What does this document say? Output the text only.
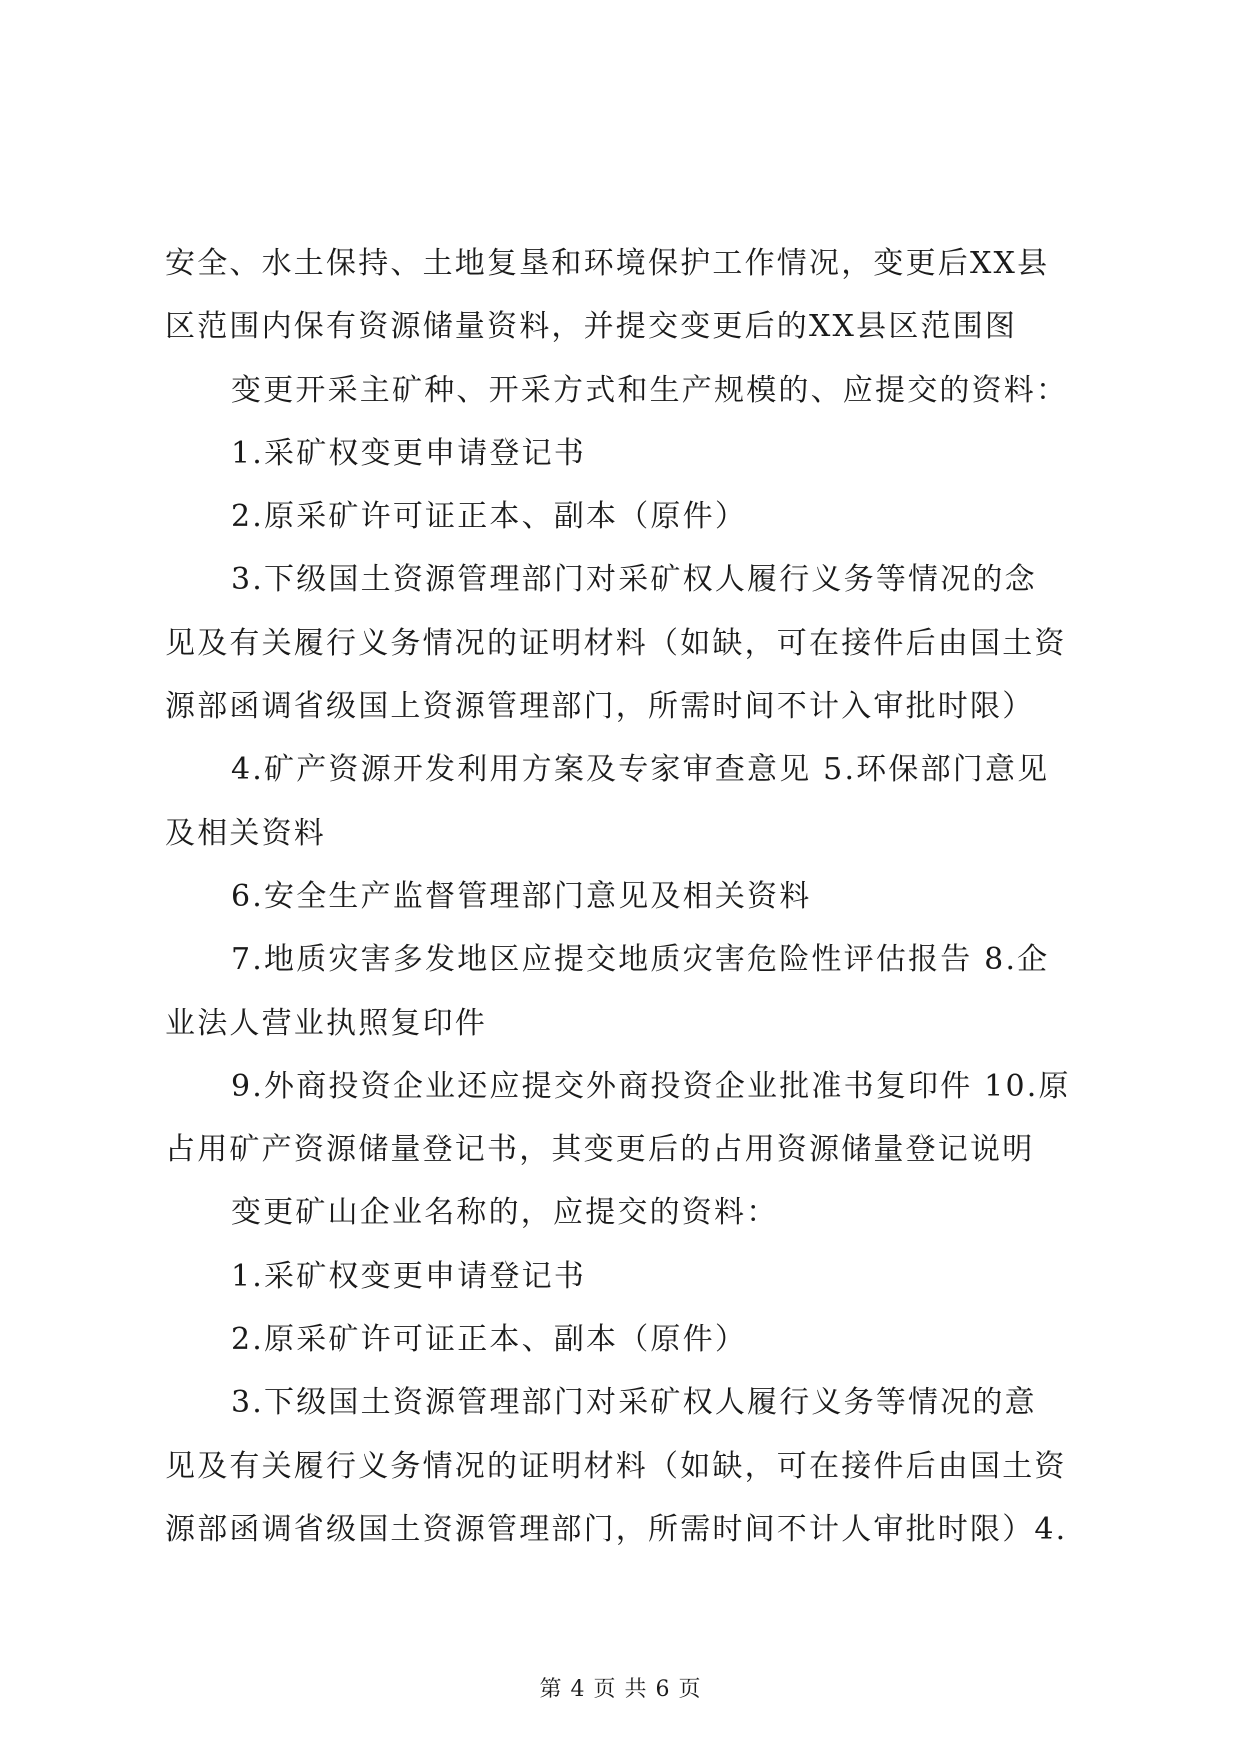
安全、水土保持、土地复垦和环境保护工作情况，变更后XX县
区范围内保有资源储量资料，并提交变更后的XX县区范围图
变更开采主矿种、开采方式和生产规模的、应提交的资料：
1.采矿权变更申请登记书
2.原采矿许可证正本、副本（原件）
3.下级国土资源管理部门对采矿权人履行义务等情况的念
见及有关履行义务情况的证明材料（如缺，可在接件后由国土资
源部函调省级国上资源管理部门，所需时间不计入审批时限）
4.矿产资源开发利用方案及专家审查意见 5.环保部门意见
及相关资料
6.安全生产监督管理部门意见及相关资料
7.地质灾害多发地区应提交地质灾害危险性评估报告 8.企
业法人营业执照复印件
9.外商投资企业还应提交外商投资企业批准书复印件 10.原
占用矿产资源储量登记书，其变更后的占用资源储量登记说明
变更矿山企业名称的，应提交的资料：
1.采矿权变更申请登记书
2.原采矿许可证正本、副本（原件）
3.下级国土资源管理部门对采矿权人履行义务等情况的意
见及有关履行义务情况的证明材料（如缺，可在接件后由国土资
源部函调省级国土资源管理部门，所需时间不计人审批时限）4.
第 4 页 共 6 页
